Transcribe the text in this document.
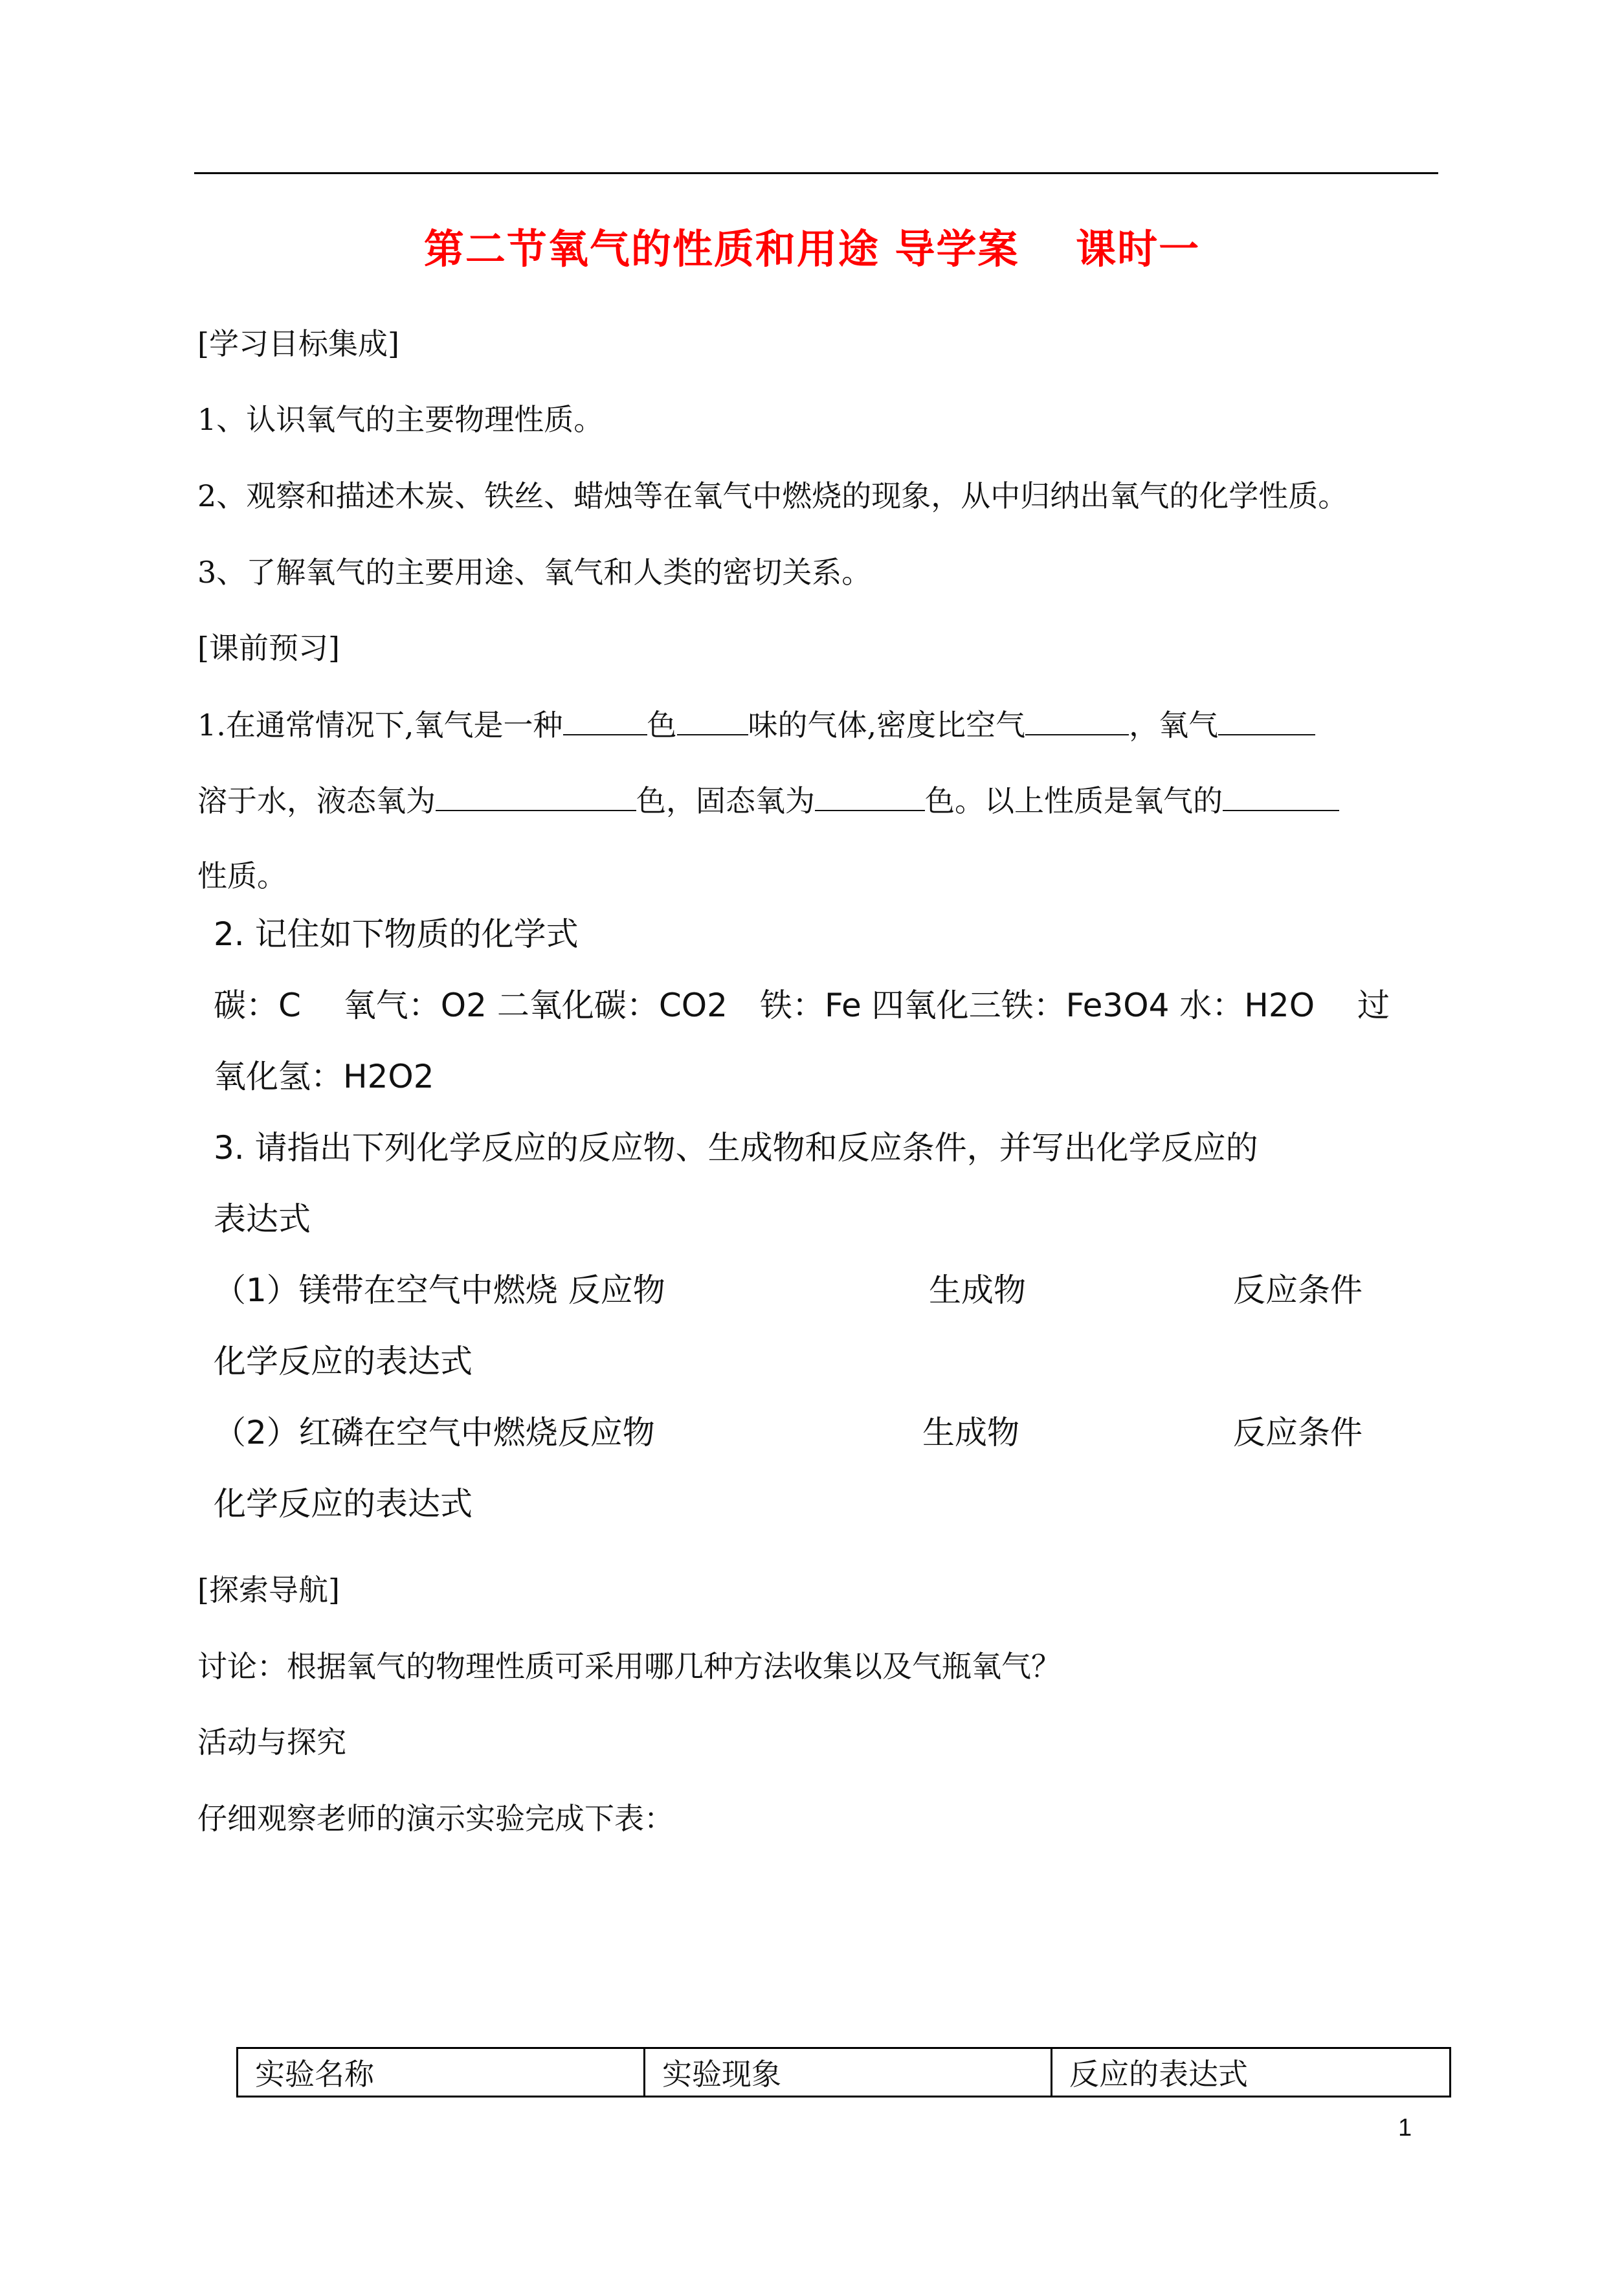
第二节氧气的性质和用途 导学案　 课时一
[学习目标集成]
1、认识氧气的主要物理性质。
2、观察和描述木炭、铁丝、蜡烛等在氧气中燃烧的现象，从中归纳出氧气的化学性质。
3、了解氧气的主要用途、氧气和人类的密切关系。
[课前预习]
1.在通常情况下,氧气是一种	色 味的气体,密度比空气	，氧气
溶于水，液态氧为	色，固态氧为	色。以上性质是氧气的
性质。
2. 记住如下物质的化学式
碳：C　 氧气：O2 二氧化碳：CO2　铁：Fe 四氧化三铁：Fe3O4 水：H2O　 过
氧化氢：H2O2
3. 请指出下列化学反应的反应物、生成物和反应条件，并写出化学反应的
表达式
（1）镁带在空气中燃烧 反应物	生成物	反应条件
化学反应的表达式
（2）红磷在空气中燃烧反应物	生成物	反应条件
化学反应的表达式
[探索导航]
讨论：根据氧气的物理性质可采用哪几种方法收集以及气瓶氧气？
活动与探究
仔细观察老师的演示实验完成下表：
实验名称	实验现象	反应的表达式
1
